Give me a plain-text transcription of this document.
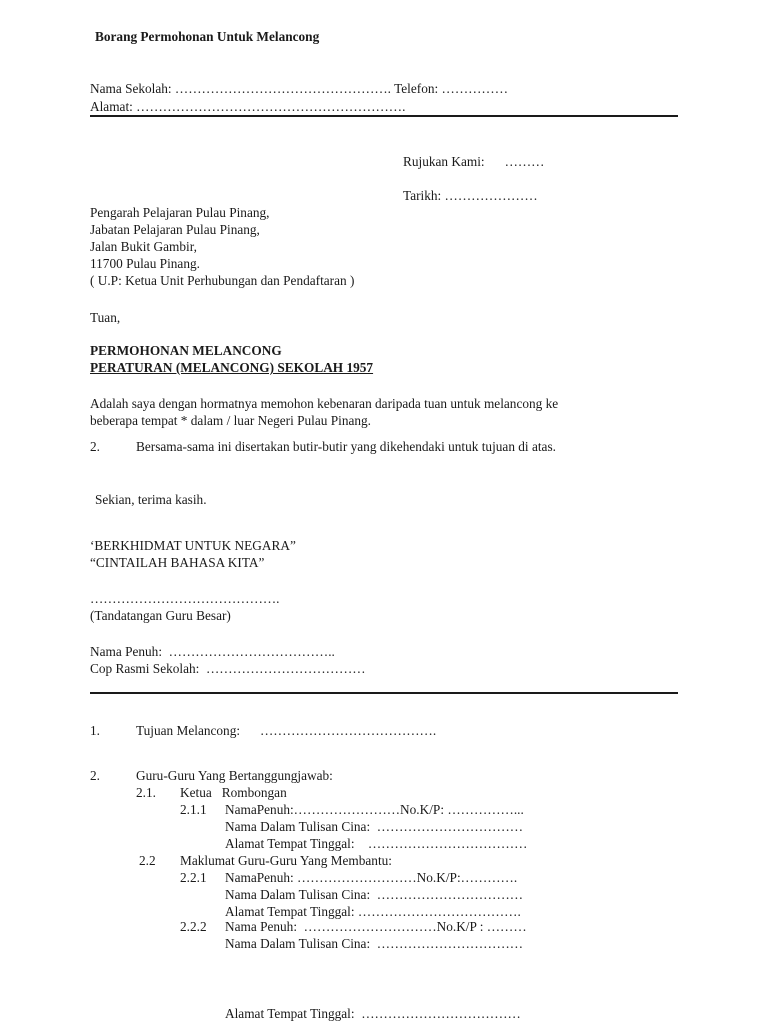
Borang Permohonan Untuk Melancong
Nama Sekolah: …………………………………………. Telefon: ……………
Alamat: …………………………………………………….
Rujukan Kami:      ………
Tarikh: …………………
Pengarah Pelajaran Pulau Pinang,
Jabatan Pelajaran Pulau Pinang,
Jalan Bukit Gambir,
11700 Pulau Pinang.
( U.P: Ketua Unit Perhubungan dan Pendaftaran )
Tuan,
PERMOHONAN MELANCONG
PERATURAN (MELANCONG) SEKOLAH 1957
Adalah saya dengan hormatnya memohon kebenaran daripada tuan untuk melancong ke
beberapa tempat * dalam / luar Negeri Pulau Pinang.
2.	Bersama-sama ini disertakan butir-butir yang dikehendaki untuk tujuan di atas.
Sekian, terima kasih.
‘BERKHIDMAT UNTUK NEGARA”
“CINTAILAH BAHASA KITA”
…………………………………….
(Tandatangan Guru Besar)
Nama Penuh:  ………………………………..
Cop Rasmi Sekolah:  ………………………………
1.	Tujuan Melancong:      ………………………………….
2.	Guru-Guru Yang Bertanggungjawab:
2.1. Ketua   Rombongan
2.1.1 NamaPenuh:……………………No.K/P: ……………...
Nama Dalam Tulisan Cina:  ……………………………
Alamat Tempat Tinggal:    ………………………………
2.2 Maklumat Guru-Guru Yang Membantu:
2.2.1 NamaPenuh: ………………………No.K/P:………….
Nama Dalam Tulisan Cina:  ……………………………
Alamat Tempat Tinggal: ……………………………….
2.2.2 Nama Penuh:  …………………………No.K/P : ………
Nama Dalam Tulisan Cina:  ……………………………
Alamat Tempat Tinggal:  ………………………………
